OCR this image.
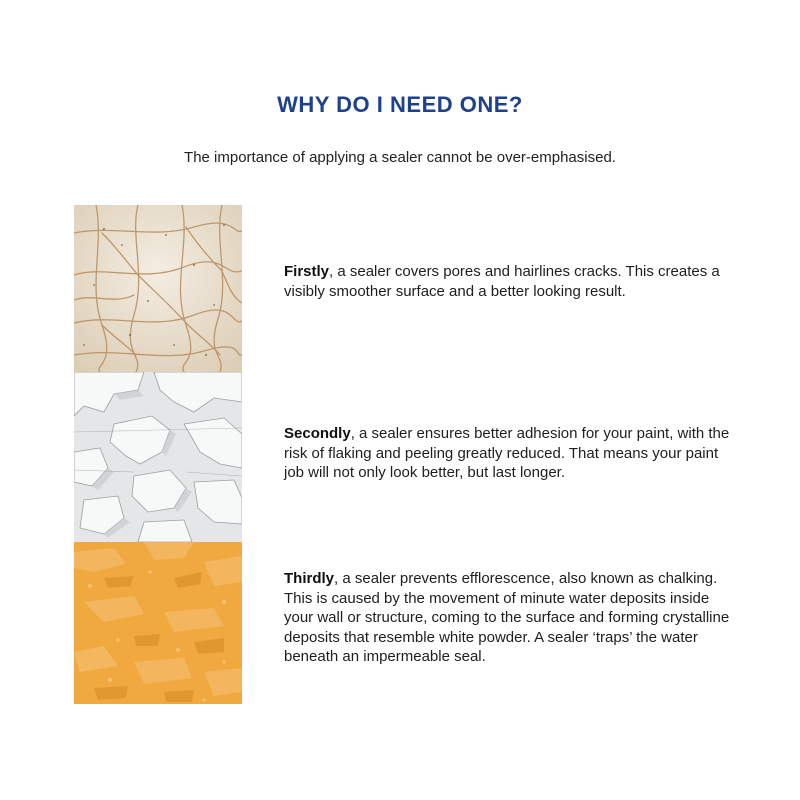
WHY DO I NEED ONE?

The importance of applying a sealer cannot be over-emphasised.

Firstly, a sealer covers pores and hairlines cracks. This creates a visibly smoother surface and a better looking result.

Secondly, a sealer ensures better adhesion for your paint, with the risk of flaking and peeling greatly reduced. That means your paint job will not only look better, but last longer.

Thirdly, a sealer prevents efflorescence, also known as chalking. This is caused by the movement of minute water deposits inside your wall or structure, coming to the surface and forming crystalline deposits that resemble white powder. A sealer ‘traps’ the water beneath an impermeable seal.
